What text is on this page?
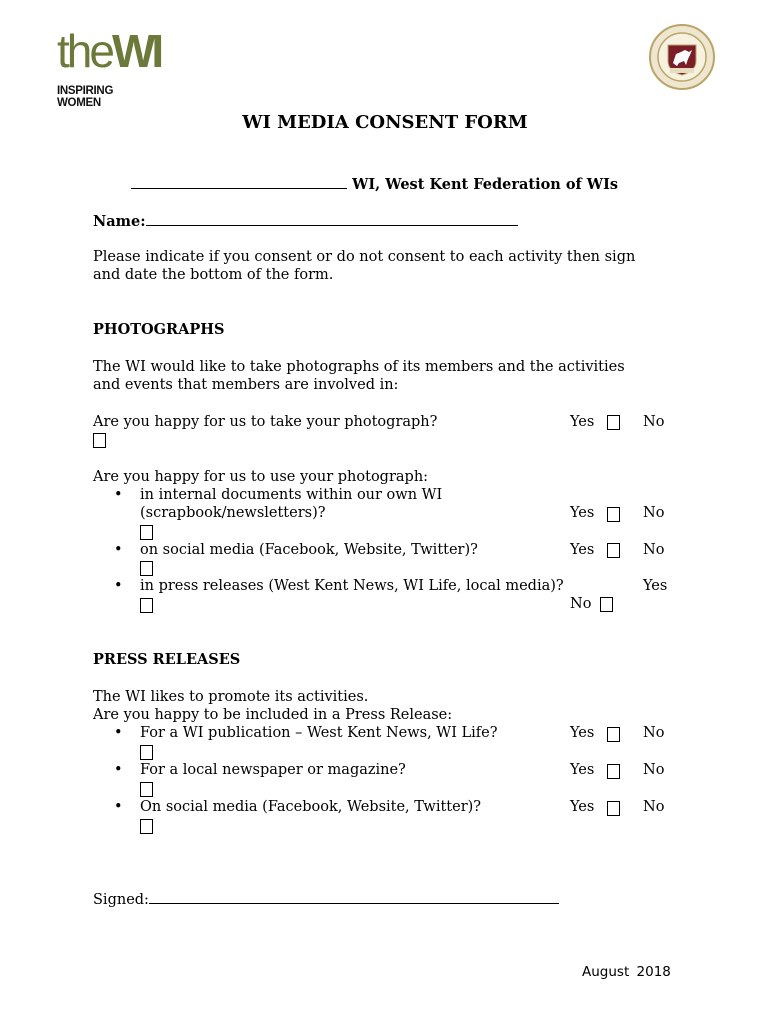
theWI
INSPIRING WOMEN
WI MEDIA CONSENT FORM
WI, West Kent Federation of WIs
Name:
Please indicate if you consent or do not consent to each activity then sign
and date the bottom of the form.
PHOTOGRAPHS
The WI would like to take photographs of its members and the activities
and events that members are involved in:
Are you happy for us to take your photograph?	Yes	No
Are you happy for us to use your photograph:
• in internal documents within our own WI
(scrapbook/newsletters)?	Yes	No
• on social media (Facebook, Website, Twitter)?	Yes	No
• in press releases (West Kent News, WI Life, local media)?	Yes
No
PRESS RELEASES
The WI likes to promote its activities.
Are you happy to be included in a Press Release:
• For a WI publication – West Kent News, WI Life?	Yes	No
• For a local newspaper or magazine?	Yes	No
• On social media (Facebook, Website, Twitter)?	Yes	No
Signed:
August 2018
